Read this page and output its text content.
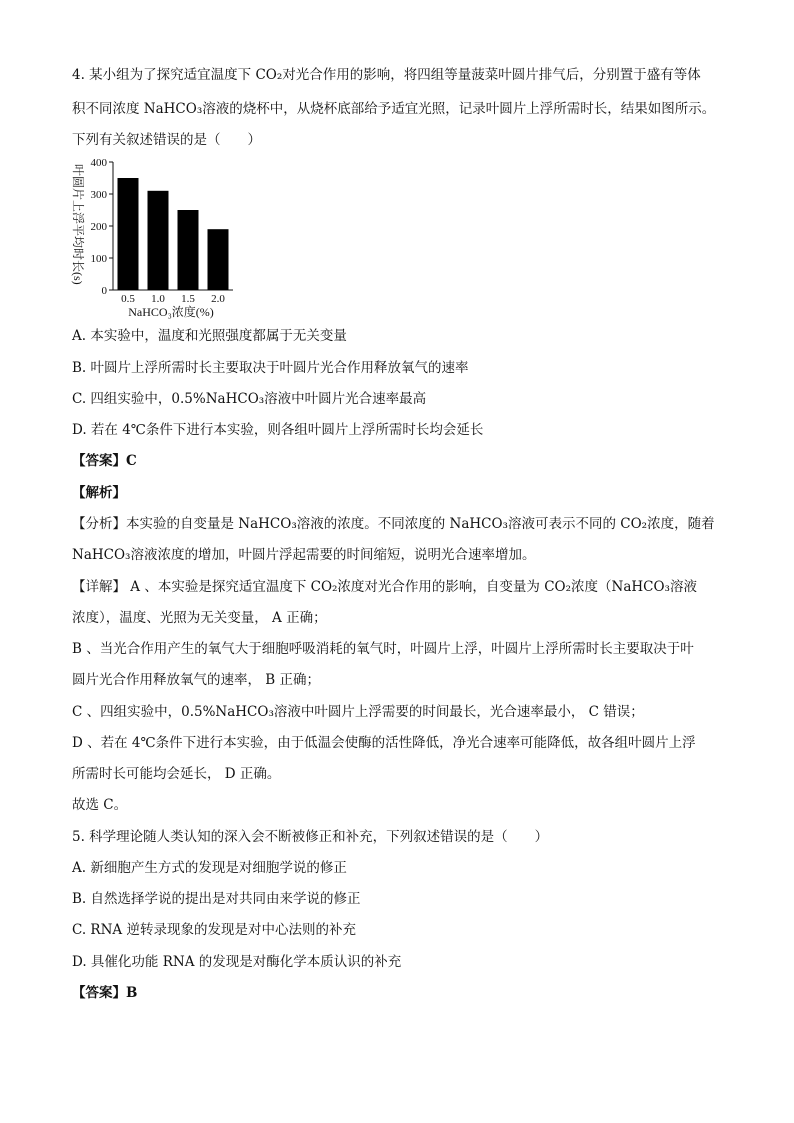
4. 某小组为了探究适宜温度下 CO₂对光合作用的影响，将四组等量菠菜叶圆片排气后，分别置于盛有等体
积不同浓度 NaHCO₃溶液的烧杯中，从烧杯底部给予适宜光照，记录叶圆片上浮所需时长，结果如图所示。
下列有关叙述错误的是（　　）
叶圆片上浮平均时长(s)
0
100
200
300
400
0.5 1.0 1.5 2.0
NaHCO₃浓度(%)
A. 本实验中，温度和光照强度都属于无关变量
B. 叶圆片上浮所需时长主要取决于叶圆片光合作用释放氧气的速率
C. 四组实验中，0.5%NaHCO₃溶液中叶圆片光合速率最高
D. 若在 4℃条件下进行本实验，则各组叶圆片上浮所需时长均会延长
【答案】C
【解析】
【分析】本实验的自变量是 NaHCO₃溶液的浓度。不同浓度的 NaHCO₃溶液可表示不同的 CO₂浓度，随着
NaHCO₃溶液浓度的增加，叶圆片浮起需要的时间缩短，说明光合速率增加。
【详解】 A 、本实验是探究适宜温度下 CO₂浓度对光合作用的影响，自变量为 CO₂浓度（NaHCO₃溶液
浓度），温度、光照为无关变量， A 正确；
B 、当光合作用产生的氧气大于细胞呼吸消耗的氧气时，叶圆片上浮，叶圆片上浮所需时长主要取决于叶
圆片光合作用释放氧气的速率， B 正确；
C 、四组实验中，0.5%NaHCO₃溶液中叶圆片上浮需要的时间最长，光合速率最小， C 错误；
D 、若在 4℃条件下进行本实验，由于低温会使酶的活性降低，净光合速率可能降低，故各组叶圆片上浮
所需时长可能均会延长， D 正确。
故选 C。
5. 科学理论随人类认知的深入会不断被修正和补充，下列叙述错误的是（　　）
A. 新细胞产生方式的发现是对细胞学说的修正
B. 自然选择学说的提出是对共同由来学说的修正
C. RNA 逆转录现象的发现是对中心法则的补充
D. 具催化功能 RNA 的发现是对酶化学本质认识的补充
【答案】B
